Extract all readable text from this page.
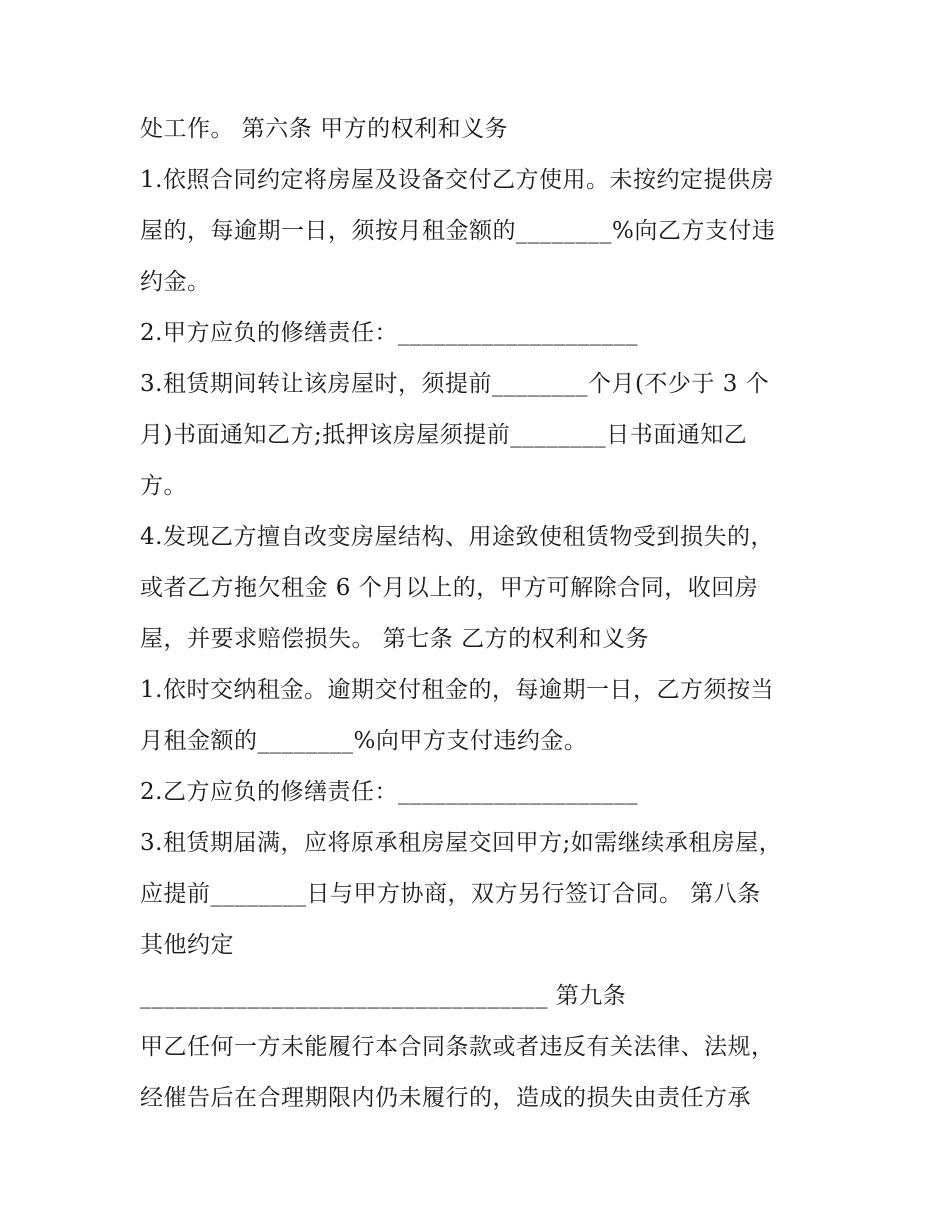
处工作。 第六条 甲方的权利和义务
1.依照合同约定将房屋及设备交付乙方使用。未按约定提供房
屋的，每逾期一日，须按月租金额的________%向乙方支付违
约金。
2.甲方应负的修缮责任：____________________
3.租赁期间转让该房屋时，须提前________个月(不少于 3 个
月)书面通知乙方;抵押该房屋须提前________日书面通知乙
方。
4.发现乙方擅自改变房屋结构、用途致使租赁物受到损失的，
或者乙方拖欠租金 6 个月以上的，甲方可解除合同，收回房
屋，并要求赔偿损失。 第七条 乙方的权利和义务
1.依时交纳租金。逾期交付租金的，每逾期一日，乙方须按当
月租金额的________%向甲方支付违约金。
2.乙方应负的修缮责任：____________________
3.租赁期届满，应将原承租房屋交回甲方;如需继续承租房屋，
应提前________日与甲方协商，双方另行签订合同。 第八条
其他约定
__________________________________ 第九条
甲乙任何一方未能履行本合同条款或者违反有关法律、法规，
经催告后在合理期限内仍未履行的，造成的损失由责任方承
